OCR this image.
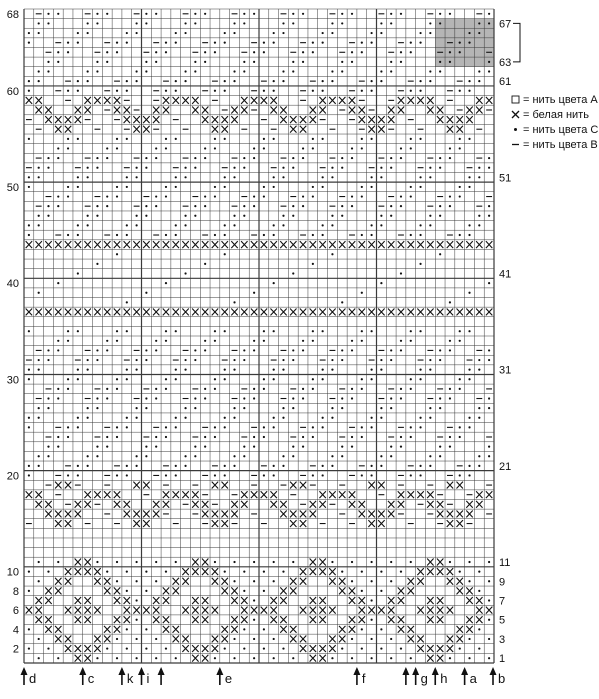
2
4
6
8
10
20
30
40
50
60
68
1
3
5
7
9
11
21
31
41
51
61
63
67
= нить цвета А
= белая нить
= нить цвета С
= нить цвета В
d	c	k i	e	f	g h a b
